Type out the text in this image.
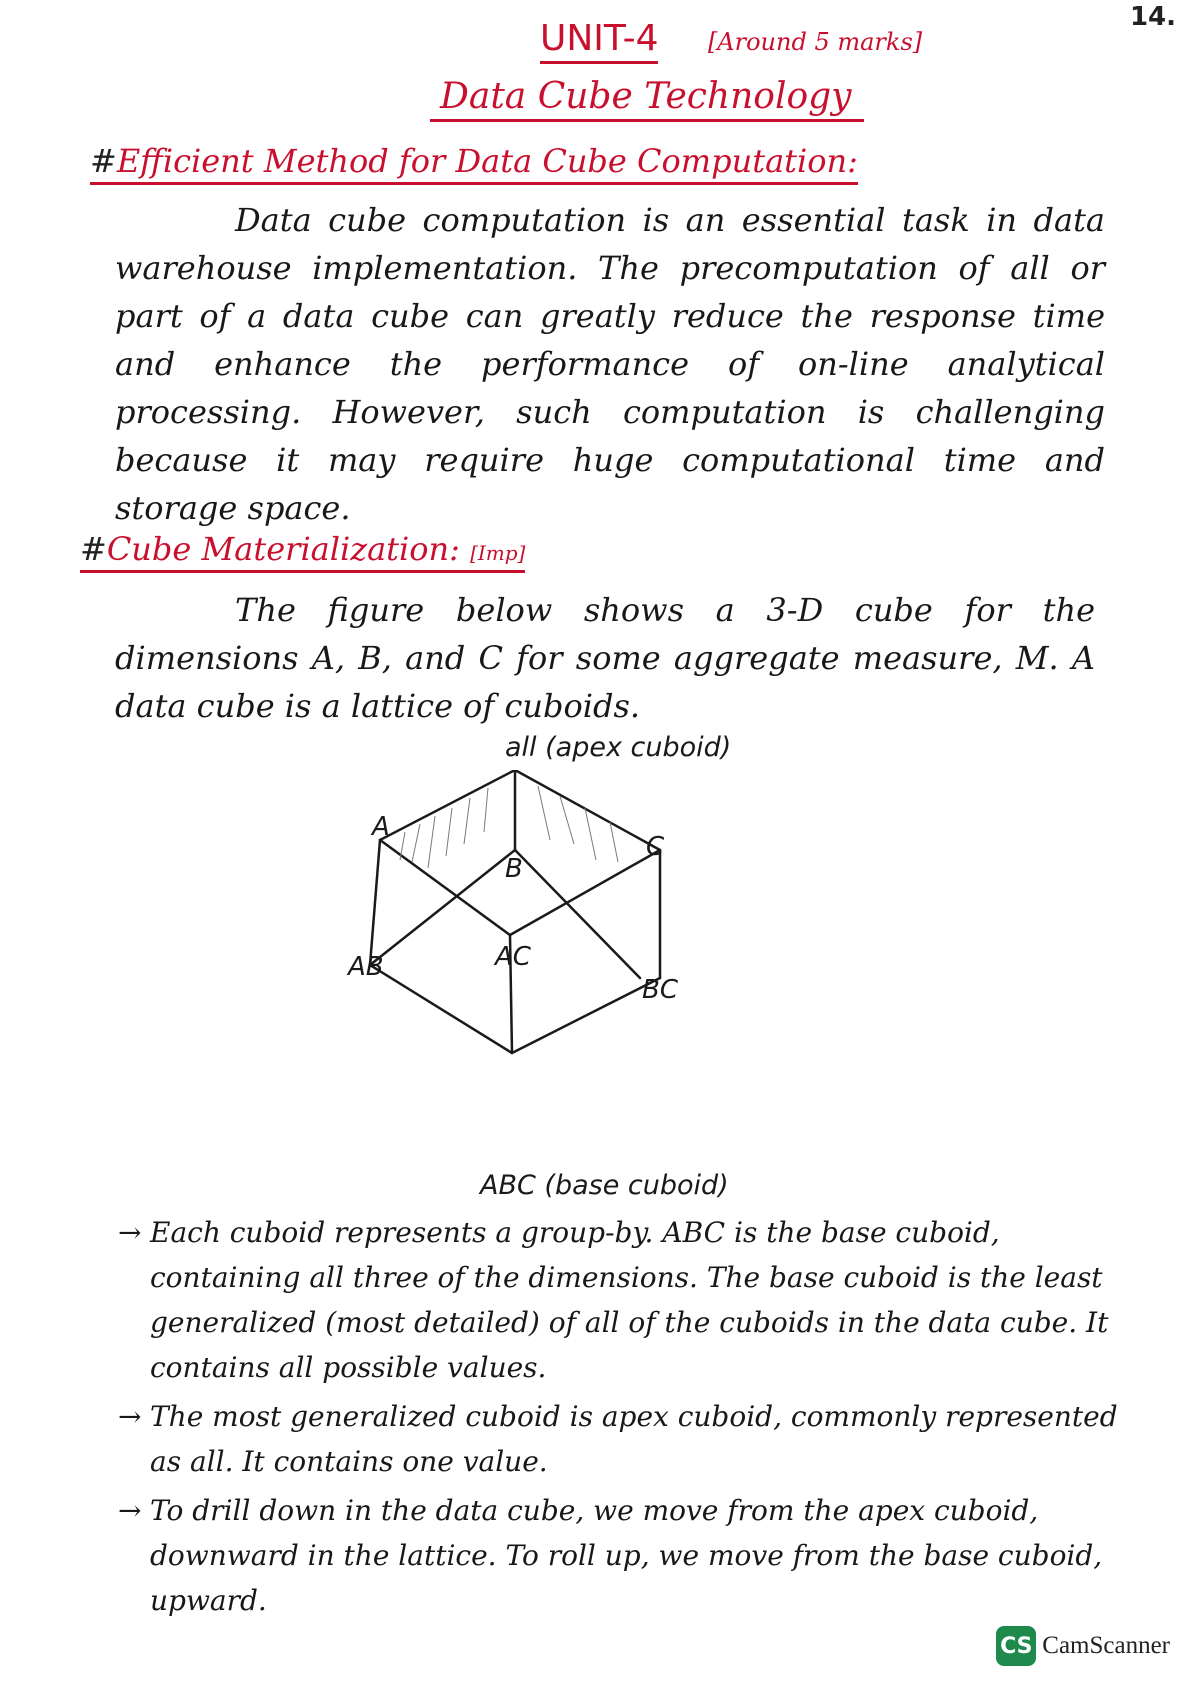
14.
UNIT-4 [Around 5 marks]
Data Cube Technology
#Efficient Method for Data Cube Computation:
Data cube computation is an essential task in data warehouse implementation. The precomputation of all or part of a data cube can greatly reduce the response time and enhance the performance of on-line analytical processing. However, such computation is challenging because it may require huge computational time and storage space.
#Cube Materialization: [Imp]
The figure below shows a 3-D cube for the dimensions A, B, and C for some aggregate measure, M. A data cube is a lattice of cuboids.
A
B
C
AB	AC
BC
all (apex cuboid)
ABC (base cuboid)
→ Each cuboid represents a group-by. ABC is the base cuboid, containing all three of the dimensions. The base cuboid is the least generalized (most detailed) of all of the cuboids in the data cube. It contains all possible values.
→ The most generalized cuboid is apex cuboid, commonly represented as all. It contains one value.
→ To drill down in the data cube, we move from the apex cuboid, downward in the lattice. To roll up, we move from the base cuboid, upward.
CS CamScanner
